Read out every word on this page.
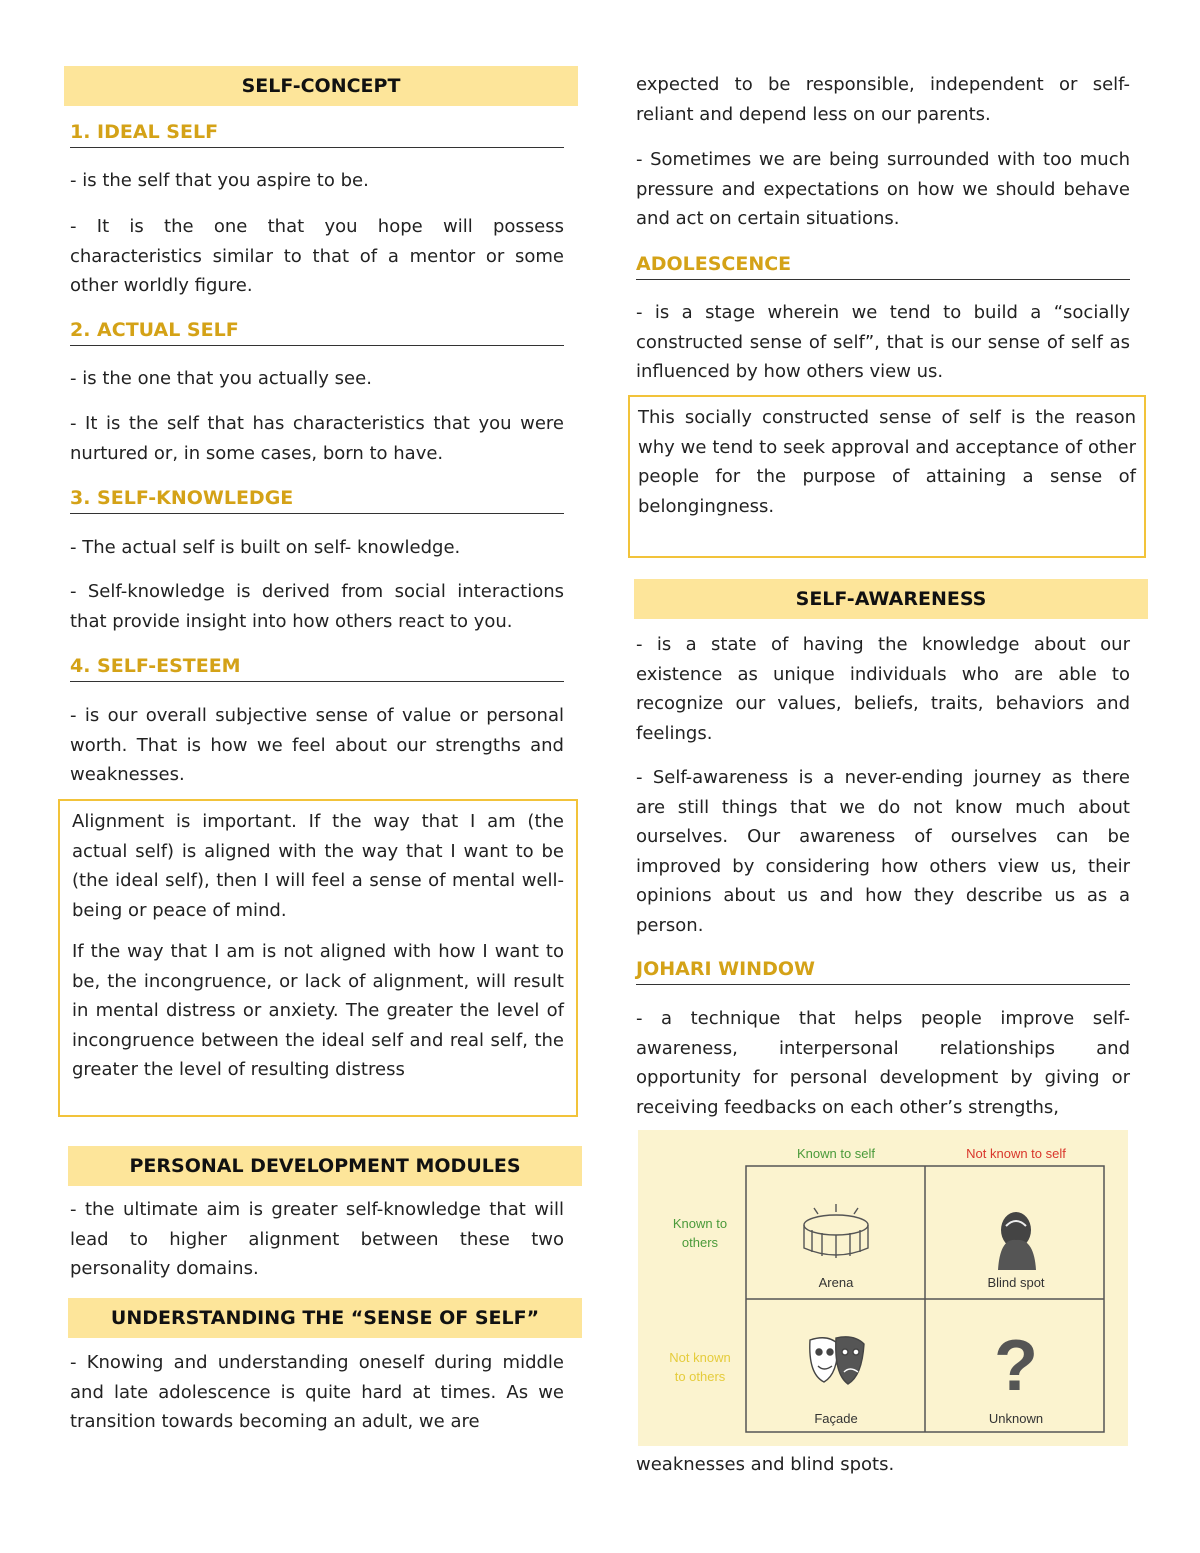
SELF-CONCEPT
1. IDEAL SELF
- is the self that you aspire to be.
- It is the one that you hope will possess characteristics similar to that of a mentor or some other worldly figure.
2. ACTUAL SELF
- is the one that you actually see.
- It is the self that has characteristics that you were nurtured or, in some cases, born to have.
3. SELF-KNOWLEDGE
- The actual self is built on self- knowledge.
- Self-knowledge is derived from social interactions that provide insight into how others react to you.
4. SELF-ESTEEM
- is our overall subjective sense of value or personal worth. That is how we feel about our strengths and weaknesses.
Alignment is important. If the way that I am (the actual self) is aligned with the way that I want to be (the ideal self), then I will feel a sense of mental well-being or peace of mind.
If the way that I am is not aligned with how I want to be, the incongruence, or lack of alignment, will result in mental distress or anxiety. The greater the level of incongruence between the ideal self and real self, the greater the level of resulting distress
PERSONAL DEVELOPMENT MODULES
- the ultimate aim is greater self-knowledge that will lead to higher alignment between these two personality domains.
UNDERSTANDING THE “SENSE OF SELF”
- Knowing and understanding oneself during middle and late adolescence is quite hard at times. As we transition towards becoming an adult, we are
expected to be responsible, independent or self-reliant and depend less on our parents.
- Sometimes we are being surrounded with too much pressure and expectations on how we should behave and act on certain situations.
ADOLESCENCE
- is a stage wherein we tend to build a “socially constructed sense of self”, that is our sense of self as influenced by how others view us.
This socially constructed sense of self is the reason why we tend to seek approval and acceptance of other people for the purpose of attaining a sense of belongingness.
SELF-AWARENESS
- is a state of having the knowledge about our existence as unique individuals who are able to recognize our values, beliefs, traits, behaviors and feelings.
- Self-awareness is a never-ending journey as there are still things that we do not know much about ourselves. Our awareness of ourselves can be improved by considering how others view us, their opinions about us and how they describe us as a person.
JOHARI WINDOW
- a technique that helps people improve self-awareness, interpersonal relationships and opportunity for personal development by giving or receiving feedbacks on each other’s strengths,
Known to self	Not known to self
Known to
others
Not known
to others
Arena	Blind spot
Façade
?
Unknown
weaknesses and blind spots.
